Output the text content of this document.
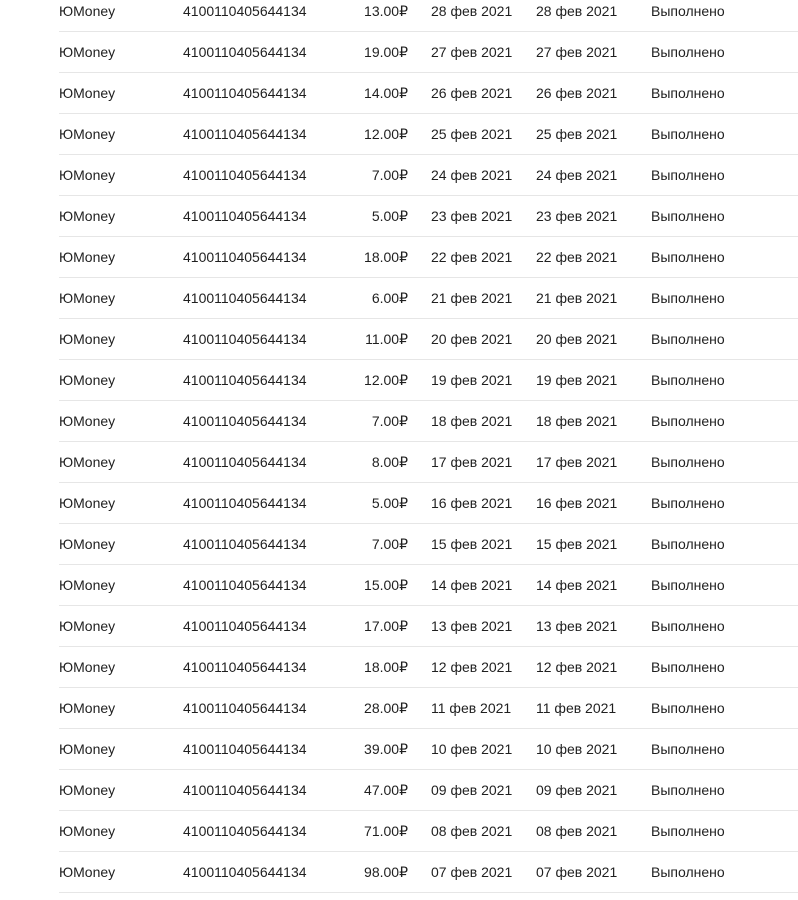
ЮMoney	4100110405644134	13.00₽ 28 фев 2021 28 фев 2021 Выполнено
ЮMoney	4100110405644134	19.00₽ 27 фев 2021 27 фев 2021 Выполнено
ЮMoney	4100110405644134	14.00₽ 26 фев 2021 26 фев 2021 Выполнено
ЮMoney	4100110405644134	12.00₽ 25 фев 2021 25 фев 2021 Выполнено
ЮMoney	4100110405644134	7.00₽ 24 фев 2021 24 фев 2021 Выполнено
ЮMoney	4100110405644134	5.00₽ 23 фев 2021 23 фев 2021 Выполнено
ЮMoney	4100110405644134	18.00₽ 22 фев 2021 22 фев 2021 Выполнено
ЮMoney	4100110405644134	6.00₽ 21 фев 2021 21 фев 2021 Выполнено
ЮMoney	4100110405644134	11.00₽ 20 фев 2021 20 фев 2021 Выполнено
ЮMoney	4100110405644134	12.00₽ 19 фев 2021 19 фев 2021 Выполнено
ЮMoney	4100110405644134	7.00₽ 18 фев 2021 18 фев 2021 Выполнено
ЮMoney	4100110405644134	8.00₽ 17 фев 2021 17 фев 2021 Выполнено
ЮMoney	4100110405644134	5.00₽ 16 фев 2021 16 фев 2021 Выполнено
ЮMoney	4100110405644134	7.00₽ 15 фев 2021 15 фев 2021 Выполнено
ЮMoney	4100110405644134	15.00₽ 14 фев 2021 14 фев 2021 Выполнено
ЮMoney	4100110405644134	17.00₽ 13 фев 2021 13 фев 2021 Выполнено
ЮMoney	4100110405644134	18.00₽ 12 фев 2021 12 фев 2021 Выполнено
ЮMoney	4100110405644134	28.00₽ 11 фев 2021 11 фев 2021 Выполнено
ЮMoney	4100110405644134	39.00₽ 10 фев 2021 10 фев 2021 Выполнено
ЮMoney	4100110405644134	47.00₽ 09 фев 2021 09 фев 2021 Выполнено
ЮMoney	4100110405644134	71.00₽ 08 фев 2021 08 фев 2021 Выполнено
ЮMoney	4100110405644134	98.00₽ 07 фев 2021 07 фев 2021 Выполнено
